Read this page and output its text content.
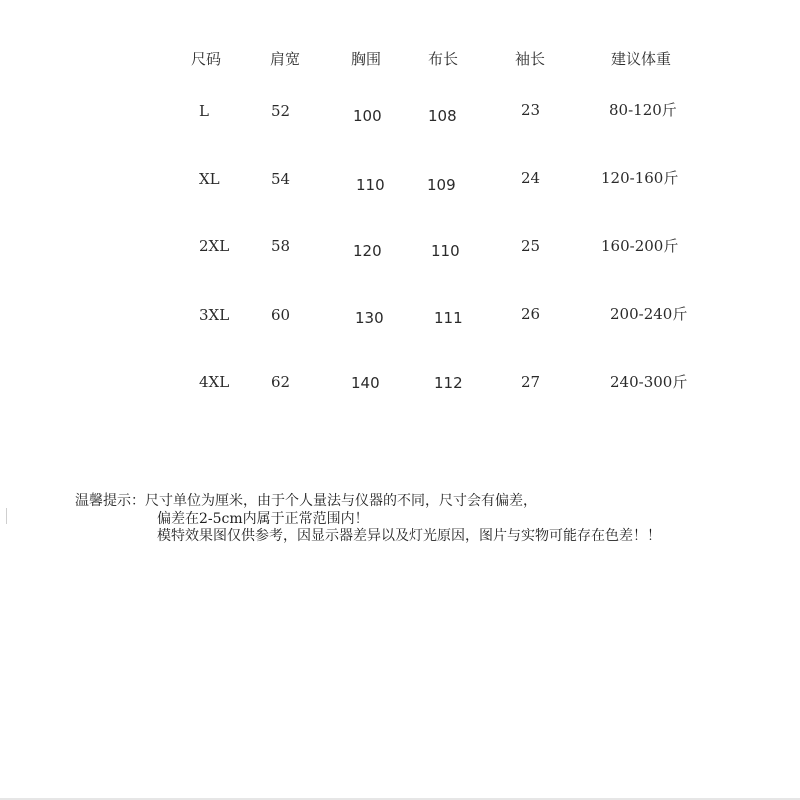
尺码	肩宽	胸围	布长	袖长	建议体重
L	52	100	108	23	80-120斤
XL	54	110	109	24	120-160斤
2XL	58	120	110	25	160-200斤
3XL	60	130	111	26	200-240斤
4XL	62	140	112	27	240-300斤
温馨提示：尺寸单位为厘米，由于个人量法与仪器的不同，尺寸会有偏差，
偏差在2-5cm内属于正常范围内！
模特效果图仅供参考，因显示器差异以及灯光原因，图片与实物可能存在色差！！
